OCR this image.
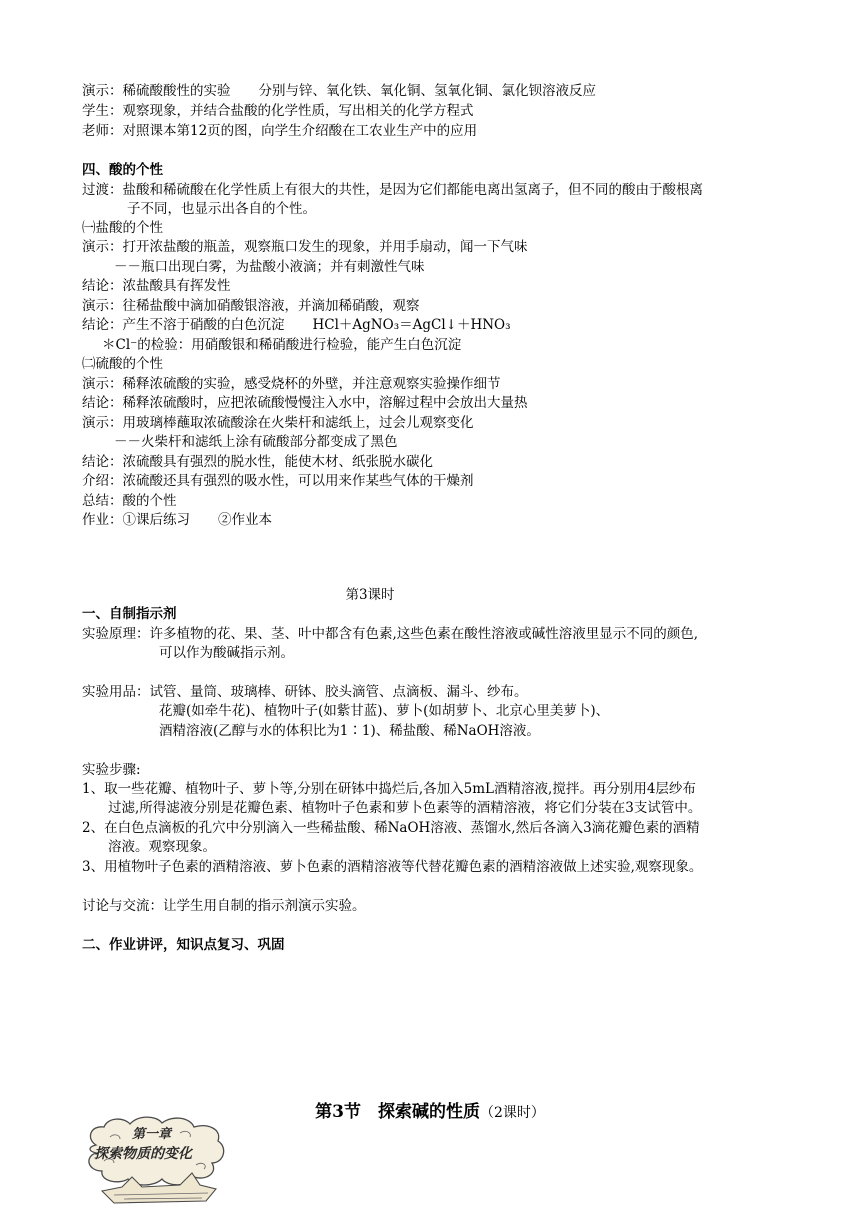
演示：稀硫酸酸性的实验 分别与锌、氧化铁、氧化铜、氢氧化铜、氯化钡溶液反应
学生：观察现象，并结合盐酸的化学性质，写出相关的化学方程式
老师：对照课本第12页的图，向学生介绍酸在工农业生产中的应用
四、酸的个性
过渡：盐酸和稀硫酸在化学性质上有很大的共性，是因为它们都能电离出氢离子，但不同的酸由于酸根离
子不同，也显示出各自的个性。
㈠盐酸的个性
演示：打开浓盐酸的瓶盖，观察瓶口发生的现象，并用手扇动，闻一下气味
－－瓶口出现白雾，为盐酸小液滴；并有刺激性气味
结论：浓盐酸具有挥发性
演示：往稀盐酸中滴加硝酸银溶液，并滴加稀硝酸，观察
结论：产生不溶于硝酸的白色沉淀 HCl＋AgNO₃＝AgCl↓＋HNO₃
＊Cl⁻的检验：用硝酸银和稀硝酸进行检验，能产生白色沉淀
㈡硫酸的个性
演示：稀释浓硫酸的实验，感受烧杯的外壁，并注意观察实验操作细节
结论：稀释浓硫酸时，应把浓硫酸慢慢注入水中，溶解过程中会放出大量热
演示：用玻璃棒蘸取浓硫酸涂在火柴杆和滤纸上，过会儿观察变化
－－火柴杆和滤纸上涂有硫酸部分都变成了黑色
结论：浓硫酸具有强烈的脱水性，能使木材、纸张脱水碳化
介绍：浓硫酸还具有强烈的吸水性，可以用来作某些气体的干燥剂
总结：酸的个性
作业：①课后练习 ②作业本
第3课时
一、自制指示剂
实验原理：许多植物的花、果、茎、叶中都含有色素,这些色素在酸性溶液或碱性溶液里显示不同的颜色,
可以作为酸碱指示剂。
实验用品：试管、量筒、玻璃棒、研钵、胶头滴管、点滴板、漏斗、纱布。
花瓣(如牵牛花)、植物叶子(如紫甘蓝)、萝卜(如胡萝卜、北京心里美萝卜)、
酒精溶液(乙醇与水的体积比为1∶1)、稀盐酸、稀NaOH溶液。
实验步骤:
1、取一些花瓣、植物叶子、萝卜等,分别在研钵中捣烂后,各加入5mL酒精溶液,搅拌。再分别用4层纱布
过滤,所得滤液分别是花瓣色素、植物叶子色素和萝卜色素等的酒精溶液，将它们分装在3支试管中。
2、在白色点滴板的孔穴中分别滴入一些稀盐酸、稀NaOH溶液、蒸馏水,然后各滴入3滴花瓣色素的酒精
溶液。观察现象。
3、用植物叶子色素的酒精溶液、萝卜色素的酒精溶液等代替花瓣色素的酒精溶液做上述实验,观察现象。
讨论与交流：让学生用自制的指示剂演示实验。
二、作业讲评，知识点复习、巩固
第3节　探索碱的性质（2课时）
第一章
探索物质的变化
